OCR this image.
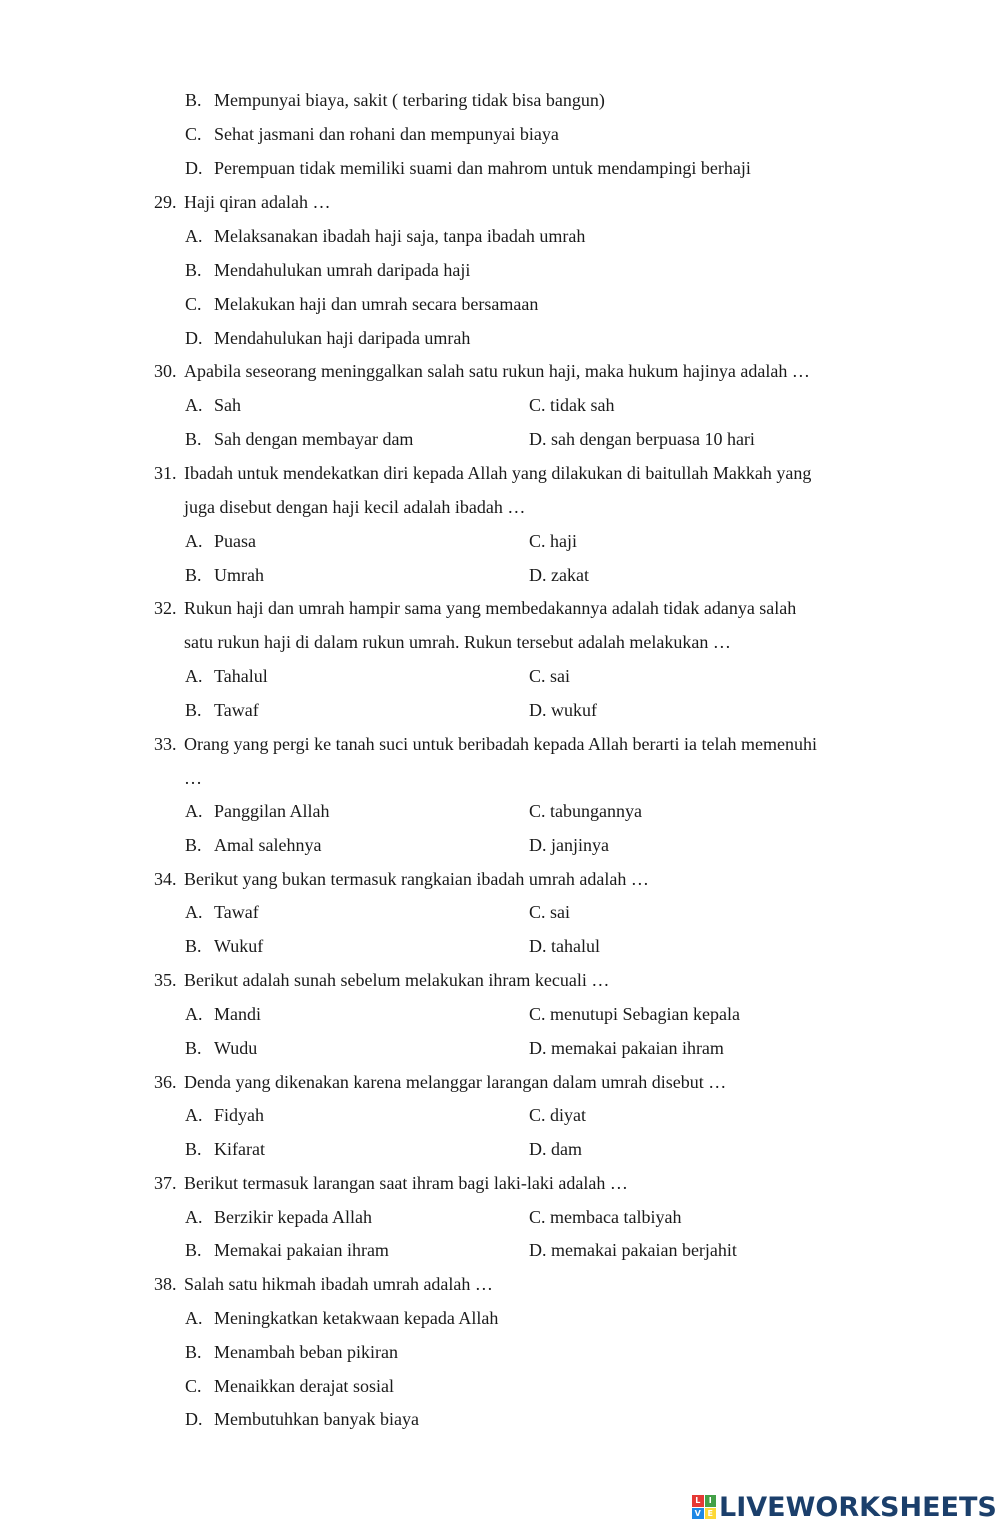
B. Mempunyai biaya, sakit ( terbaring tidak bisa bangun)
C. Sehat jasmani dan rohani dan mempunyai biaya
D. Perempuan tidak memiliki suami dan mahrom untuk mendampingi berhaji
29. Haji qiran adalah …
A. Melaksanakan ibadah haji saja, tanpa ibadah umrah
B. Mendahulukan umrah daripada haji
C. Melakukan haji dan umrah secara bersamaan
D. Mendahulukan haji daripada umrah
30. Apabila seseorang meninggalkan salah satu rukun haji, maka hukum hajinya adalah …
A. Sah	C. tidak sah
B. Sah dengan membayar dam	D. sah dengan berpuasa 10 hari
31. Ibadah untuk mendekatkan diri kepada Allah yang dilakukan di baitullah Makkah yang
juga disebut dengan haji kecil adalah ibadah …
A. Puasa	C. haji
B. Umrah	D. zakat
32. Rukun haji dan umrah hampir sama yang membedakannya adalah tidak adanya salah
satu rukun haji di dalam rukun umrah. Rukun tersebut adalah melakukan …
A. Tahalul	C. sai
B. Tawaf	D. wukuf
33. Orang yang pergi ke tanah suci untuk beribadah kepada Allah berarti ia telah memenuhi
…
A. Panggilan Allah	C. tabungannya
B. Amal salehnya	D. janjinya
34. Berikut yang bukan termasuk rangkaian ibadah umrah adalah …
A. Tawaf	C. sai
B. Wukuf	D. tahalul
35. Berikut adalah sunah sebelum melakukan ihram kecuali …
A. Mandi	C. menutupi Sebagian kepala
B. Wudu	D. memakai pakaian ihram
36. Denda yang dikenakan karena melanggar larangan dalam umrah disebut …
A. Fidyah	C. diyat
B. Kifarat	D. dam
37. Berikut termasuk larangan saat ihram bagi laki-laki adalah …
A. Berzikir kepada Allah	C. membaca talbiyah
B. Memakai pakaian ihram	D. memakai pakaian berjahit
38. Salah satu hikmah ibadah umrah adalah …
A. Meningkatkan ketakwaan kepada Allah
B. Menambah beban pikiran
C. Menaikkan derajat sosial
D. Membutuhkan banyak biaya
L	I
V E LIVEWORKSHEETS
